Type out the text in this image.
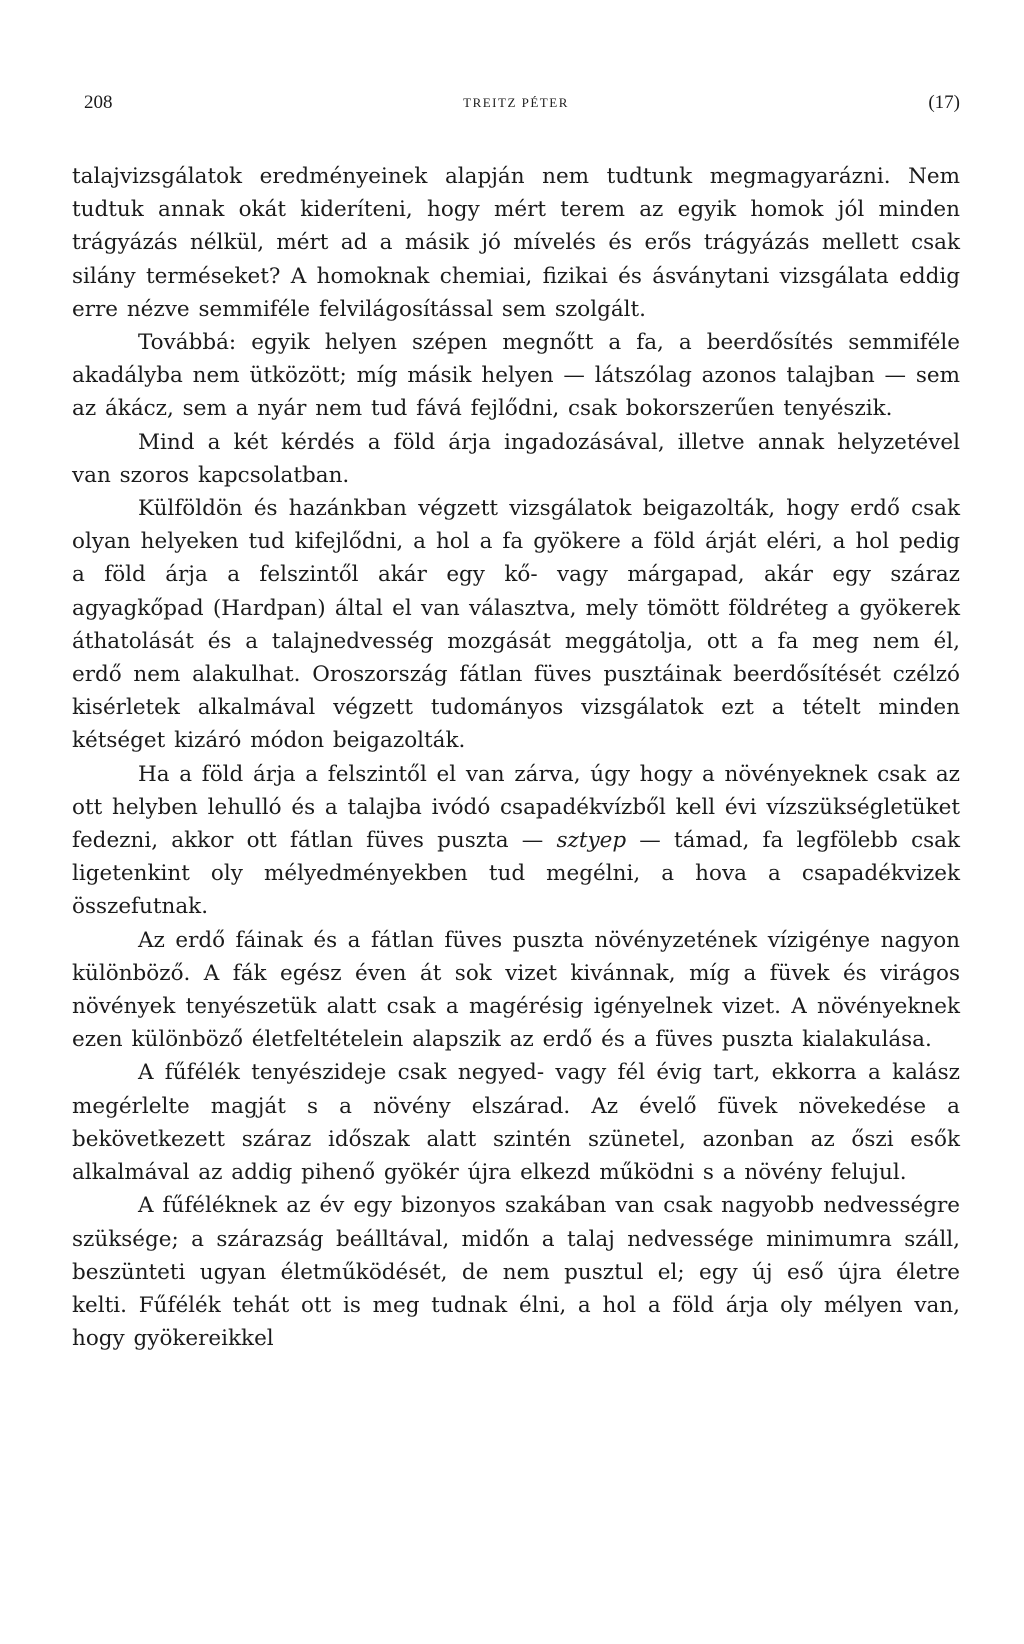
208	TREITZ PÉTER	(17)

talajvizsgálatok eredményeinek alapján nem tudtunk megmagyarázni. Nem tudtuk annak okát kideríteni, hogy mért terem az egyik homok jól minden trágyázás nélkül, mért ad a másik jó mívelés és erős trágyázás mellett csak silány terméseket? A homoknak chemiai, fizikai és ásványtani vizsgálata eddig erre nézve semmiféle felvilágosítással sem szolgált.

Továbbá: egyik helyen szépen megnőtt a fa, a beerdősítés semmiféle akadályba nem ütközött; míg másik helyen — látszólag azonos talajban — sem az ákácz, sem a nyár nem tud fává fejlődni, csak bokorszerűen tenyészik.

Mind a két kérdés a föld árja ingadozásával, illetve annak helyzetével van szoros kapcsolatban.

Külföldön és hazánkban végzett vizsgálatok beigazolták, hogy erdő csak olyan helyeken tud kifejlődni, a hol a fa gyökere a föld árját eléri, a hol pedig a föld árja a felszintől akár egy kő- vagy márgapad, akár egy száraz agyagkőpad (Hardpan) által el van választva, mely tömött földréteg a gyökerek áthatolását és a talajnedvesség mozgását meggátolja, ott a fa meg nem él, erdő nem alakulhat. Oroszország fátlan füves pusztáinak beerdősítését czélzó kisérletek alkalmával végzett tudományos vizsgálatok ezt a tételt minden kétséget kizáró módon beigazolták.

Ha a föld árja a felszintől el van zárva, úgy hogy a növényeknek csak az ott helyben lehulló és a talajba ivódó csapadékvízből kell évi vízszükségletüket fedezni, akkor ott fátlan füves puszta — sztyep — támad, fa legfölebb csak ligetenkint oly mélyedményekben tud megélni, a hova a csapadékvizek összefutnak.

Az erdő fáinak és a fátlan füves puszta növényzetének vízigénye nagyon különböző. A fák egész éven át sok vizet kivánnak, míg a füvek és virágos növények tenyészetük alatt csak a magérésig igényelnek vizet. A növényeknek ezen különböző életfeltételein alapszik az erdő és a füves puszta kialakulása.

A fűfélék tenyészideje csak negyed- vagy fél évig tart, ekkorra a kalász megérlelte magját s a növény elszárad. Az évelő füvek növekedése a bekövetkezett száraz időszak alatt szintén szünetel, azonban az őszi esők alkalmával az addig pihenő gyökér újra elkezd működni s a növény felujul.

A fűféléknek az év egy bizonyos szakában van csak nagyobb nedvességre szüksége; a szárazság beálltával, midőn a talaj nedvessége minimumra száll, beszünteti ugyan életműködését, de nem pusztul el; egy új eső újra életre kelti. Fűfélék tehát ott is meg tudnak élni, a hol a föld árja oly mélyen van, hogy gyökereikkel
